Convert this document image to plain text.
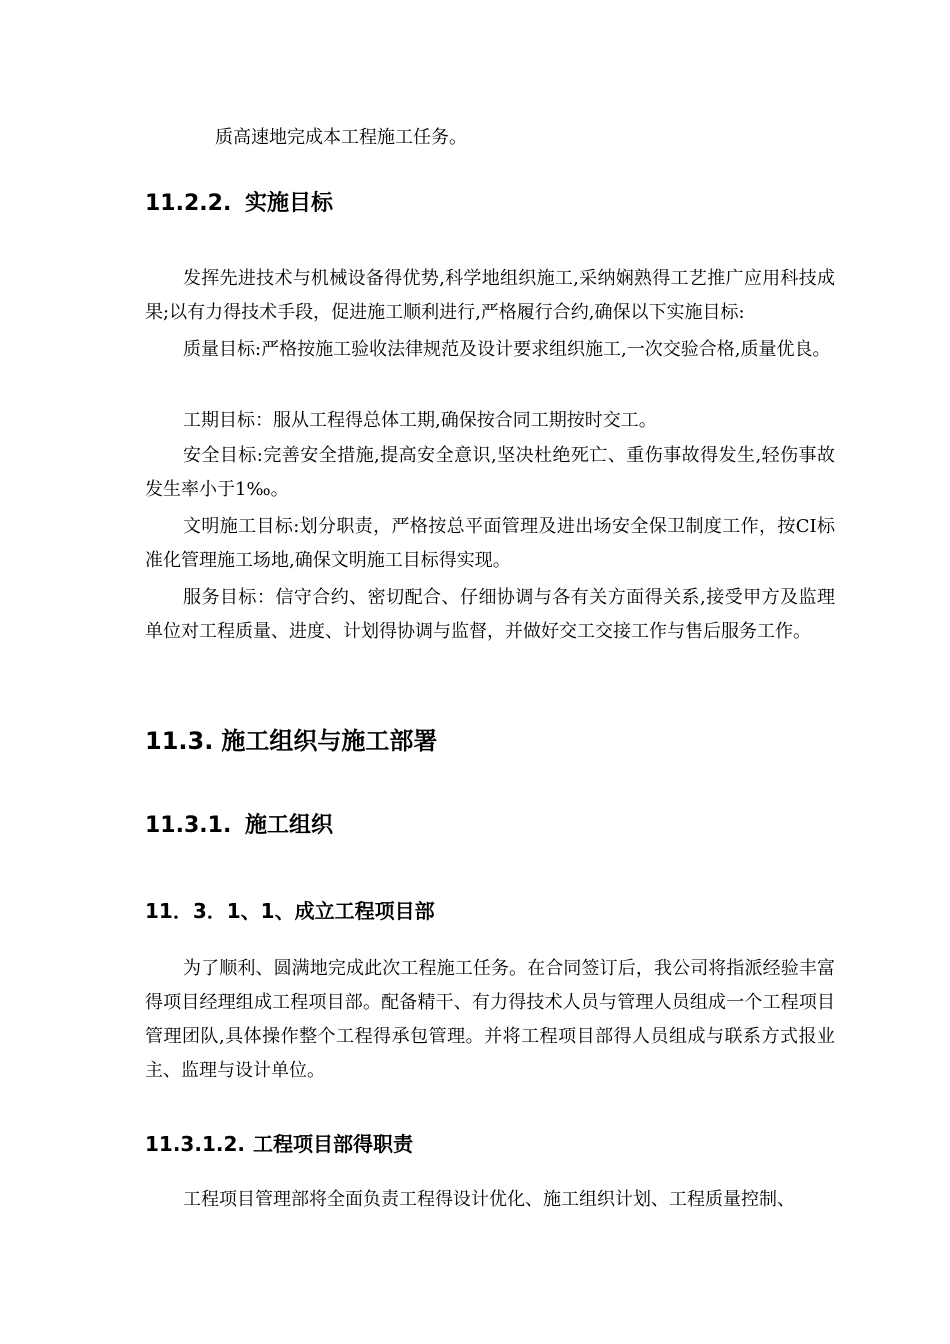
质高速地完成本工程施工任务。

11.2.2. 实施目标

发挥先进技术与机械设备得优势,科学地组织施工,采纳娴熟得工艺推广应用科技成果;以有力得技术手段，促进施工顺利进行,严格履行合约,确保以下实施目标:

质量目标:严格按施工验收法律规范及设计要求组织施工,一次交验合格,质量优良。

工期目标：服从工程得总体工期,确保按合同工期按时交工。

安全目标:完善安全措施,提高安全意识,坚决杜绝死亡、重伤事故得发生,轻伤事故发生率小于1‰。

文明施工目标:划分职责，严格按总平面管理及进出场安全保卫制度工作，按CI标准化管理施工场地,确保文明施工目标得实现。

服务目标：信守合约、密切配合、仔细协调与各有关方面得关系,接受甲方及监理单位对工程质量、进度、计划得协调与监督，并做好交工交接工作与售后服务工作。

11.3. 施工组织与施工部署
11.3.1. 施工组织
11．3．1、1、成立工程项目部

为了顺利、圆满地完成此次工程施工任务。在合同签订后，我公司将指派经验丰富得项目经理组成工程项目部。配备精干、有力得技术人员与管理人员组成一个工程项目管理团队,具体操作整个工程得承包管理。并将工程项目部得人员组成与联系方式报业主、监理与设计单位。

11.3.1.2. 工程项目部得职责

工程项目管理部将全面负责工程得设计优化、施工组织计划、工程质量控制、
